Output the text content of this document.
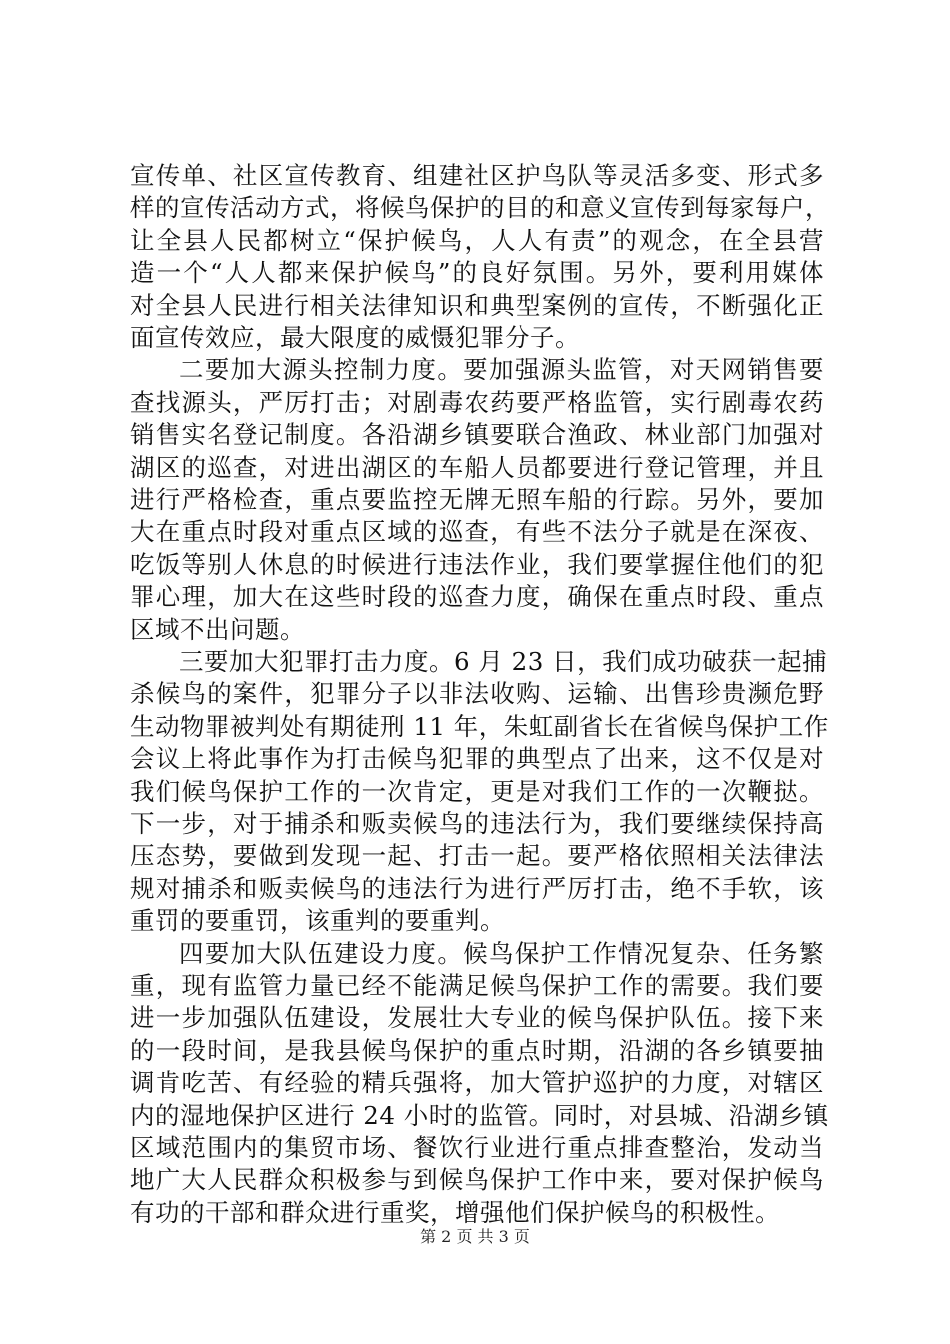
宣传单、社区宣传教育、组建社区护鸟队等灵活多变、形式多
样的宣传活动方式，将候鸟保护的目的和意义宣传到每家每户，
让全县人民都树立“保护候鸟，人人有责”的观念，在全县营
造一个“人人都来保护候鸟”的良好氛围。另外，要利用媒体
对全县人民进行相关法律知识和典型案例的宣传，不断强化正
面宣传效应，最大限度的威慑犯罪分子。
二要加大源头控制力度。要加强源头监管，对天网销售要
查找源头，严厉打击；对剧毒农药要严格监管，实行剧毒农药
销售实名登记制度。各沿湖乡镇要联合渔政、林业部门加强对
湖区的巡查，对进出湖区的车船人员都要进行登记管理，并且
进行严格检查，重点要监控无牌无照车船的行踪。另外，要加
大在重点时段对重点区域的巡查，有些不法分子就是在深夜、
吃饭等别人休息的时候进行违法作业，我们要掌握住他们的犯
罪心理，加大在这些时段的巡查力度，确保在重点时段、重点
区域不出问题。
三要加大犯罪打击力度。6 月 23 日，我们成功破获一起捕
杀候鸟的案件，犯罪分子以非法收购、运输、出售珍贵濒危野
生动物罪被判处有期徒刑 11 年，朱虹副省长在省候鸟保护工作
会议上将此事作为打击候鸟犯罪的典型点了出来，这不仅是对
我们候鸟保护工作的一次肯定，更是对我们工作的一次鞭挞。
下一步，对于捕杀和贩卖候鸟的违法行为，我们要继续保持高
压态势，要做到发现一起、打击一起。要严格依照相关法律法
规对捕杀和贩卖候鸟的违法行为进行严厉打击，绝不手软，该
重罚的要重罚，该重判的要重判。
四要加大队伍建设力度。候鸟保护工作情况复杂、任务繁
重，现有监管力量已经不能满足候鸟保护工作的需要。我们要
进一步加强队伍建设，发展壮大专业的候鸟保护队伍。接下来
的一段时间，是我县候鸟保护的重点时期，沿湖的各乡镇要抽
调肯吃苦、有经验的精兵强将，加大管护巡护的力度，对辖区
内的湿地保护区进行 24 小时的监管。同时，对县城、沿湖乡镇
区域范围内的集贸市场、餐饮行业进行重点排查整治，发动当
地广大人民群众积极参与到候鸟保护工作中来，要对保护候鸟
有功的干部和群众进行重奖，增强他们保护候鸟的积极性。
第 2 页 共 3 页
